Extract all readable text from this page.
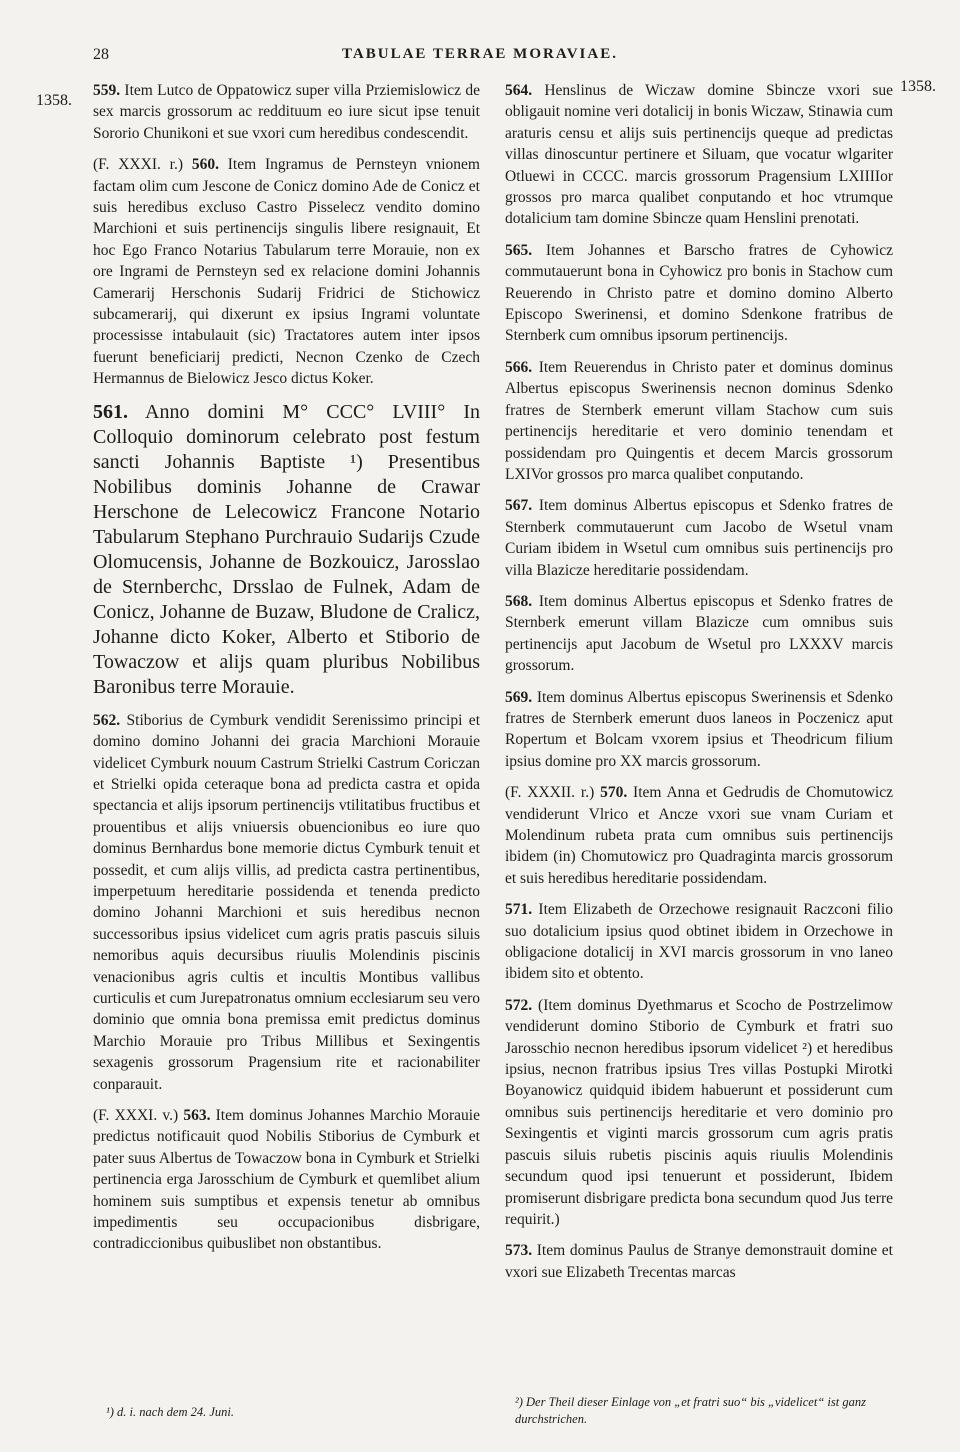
28	TABULAE TERRAE MORAVIAE.
1358.
1358.

559. Item Lutco de Oppatowicz super villa Prziemislowicz de sex marcis grossorum ac reddituum eo iure sicut ipse tenuit Sororio Chunikoni et sue vxori cum heredibus condescendit.

(F. XXXI. r.) 560. Item Ingramus de Pernsteyn vnionem factam olim cum Jescone de Conicz domino Ade de Conicz et suis heredibus excluso Castro Pisselecz vendito domino Marchioni et suis pertinencijs singulis libere resignauit, Et hoc Ego Franco Notarius Tabularum terre Morauie, non ex ore Ingrami de Pernsteyn sed ex relacione domini Johannis Camerarij Herschonis Sudarij Fridrici de Stichowicz subcamerarij, qui dixerunt ex ipsius Ingrami voluntate processisse intabulauit (sic) Tractatores autem inter ipsos fuerunt beneficiarij predicti, Necnon Czenko de Czech Hermannus de Bielowicz Jesco dictus Koker.

561. Anno domini M° CCC° LVIII° In Colloquio dominorum celebrato post festum sancti Johannis Baptiste ¹) Presentibus Nobilibus dominis Johanne de Crawar Herschone de Lelecowicz Francone Notario Tabularum Stephano Purchrauio Sudarijs Czude Olomucensis, Johanne de Bozkouicz, Jarosslao de Sternberchc, Drsslao de Fulnek, Adam de Conicz, Johanne de Buzaw, Bludone de Cralicz, Johanne dicto Koker, Alberto et Stiborio de Towaczow et alijs quam pluribus Nobilibus Baronibus terre Morauie.

562. Stiborius de Cymburk vendidit Serenissimo principi et domino domino Johanni dei gracia Marchioni Morauie videlicet Cymburk nouum Castrum Strielki Castrum Coriczan et Strielki opida ceteraque bona ad predicta castra et opida spectancia et alijs ipsorum pertinencijs vtilitatibus fructibus et prouentibus et alijs vniuersis obuencionibus eo iure quo dominus Bernhardus bone memorie dictus Cymburk tenuit et possedit, et cum alijs villis, ad predicta castra pertinentibus, imperpetuum hereditarie possidenda et tenenda predicto domino Johanni Marchioni et suis heredibus necnon successoribus ipsius videlicet cum agris pratis pascuis siluis nemoribus aquis decursibus riuulis Molendinis piscinis venacionibus agris cultis et incultis Montibus vallibus curticulis et cum Jurepatronatus omnium ecclesiarum seu vero dominio que omnia bona premissa emit predictus dominus Marchio Morauie pro Tribus Millibus et Sexingentis sexagenis grossorum Pragensium rite et racionabiliter conparauit.

(F. XXXI. v.) 563. Item dominus Johannes Marchio Morauie predictus notificauit quod Nobilis Stiborius de Cymburk et pater suus Albertus de Towaczow bona in Cymburk et Strielki pertinencia erga Jarosschium de Cymburk et quemlibet alium hominem suis sumptibus et expensis tenetur ab omnibus impedimentis seu occupacionibus disbrigare, contradiccionibus quibuslibet non obstantibus.

564. Henslinus de Wiczaw domine Sbincze vxori sue obligauit nomine veri dotalicij in bonis Wiczaw, Stinawia cum araturis censu et alijs suis pertinencijs queque ad predictas villas dinoscuntur pertinere et Siluam, que vocatur wlgariter Otluewi in CCCC. marcis grossorum Pragensium LXIIIIor grossos pro marca qualibet conputando et hoc vtrumque dotalicium tam domine Sbincze quam Henslini prenotati.

565. Item Johannes et Barscho fratres de Cyhowicz commutauerunt bona in Cyhowicz pro bonis in Stachow cum Reuerendo in Christo patre et domino domino Alberto Episcopo Swerinensi, et domino Sdenkone fratribus de Sternberk cum omnibus ipsorum pertinencijs.

566. Item Reuerendus in Christo pater et dominus dominus Albertus episcopus Swerinensis necnon dominus Sdenko fratres de Sternberk emerunt villam Stachow cum suis pertinencijs hereditarie et vero dominio tenendam et possidendam pro Quingentis et decem Marcis grossorum LXIVor grossos pro marca qualibet conputando.

567. Item dominus Albertus episcopus et Sdenko fratres de Sternberk commutauerunt cum Jacobo de Wsetul vnam Curiam ibidem in Wsetul cum omnibus suis pertinencijs pro villa Blazicze hereditarie possidendam.

568. Item dominus Albertus episcopus et Sdenko fratres de Sternberk emerunt villam Blazicze cum omnibus suis pertinencijs aput Jacobum de Wsetul pro LXXXV marcis grossorum.

569. Item dominus Albertus episcopus Swerinensis et Sdenko fratres de Sternberk emerunt duos laneos in Poczenicz aput Ropertum et Bolcam vxorem ipsius et Theodricum filium ipsius domine pro XX marcis grossorum.

(F. XXXII. r.) 570. Item Anna et Gedrudis de Chomutowicz vendiderunt Vlrico et Ancze vxori sue vnam Curiam et Molendinum rubeta prata cum omnibus suis pertinencijs ibidem (in) Chomutowicz pro Quadraginta marcis grossorum et suis heredibus hereditarie possidendam.

571. Item Elizabeth de Orzechowe resignauit Raczconi filio suo dotalicium ipsius quod obtinet ibidem in Orzechowe in obligacione dotalicij in XVI marcis grossorum in vno laneo ibidem sito et obtento.

572. (Item dominus Dyethmarus et Scocho de Postrzelimow vendiderunt domino Stiborio de Cymburk et fratri suo Jarosschio necnon heredibus ipsorum videlicet ²) et heredibus ipsius, necnon fratribus ipsius Tres villas Postupki Mirotki Boyanowicz quidquid ibidem habuerunt et possiderunt cum omnibus suis pertinencijs hereditarie et vero dominio pro Sexingentis et viginti marcis grossorum cum agris pratis pascuis siluis rubetis piscinis aquis riuulis Molendinis secundum quod ipsi tenuerunt et possiderunt, Ibidem promiserunt disbrigare predicta bona secundum quod Jus terre requirit.)

573. Item dominus Paulus de Stranye demonstrauit domine et vxori sue Elizabeth Trecentas marcas

¹) d. i. nach dem 24. Juni.
²) Der Theil dieser Einlage von „et fratri suo“ bis „videlicet“ ist ganz durchstrichen.
